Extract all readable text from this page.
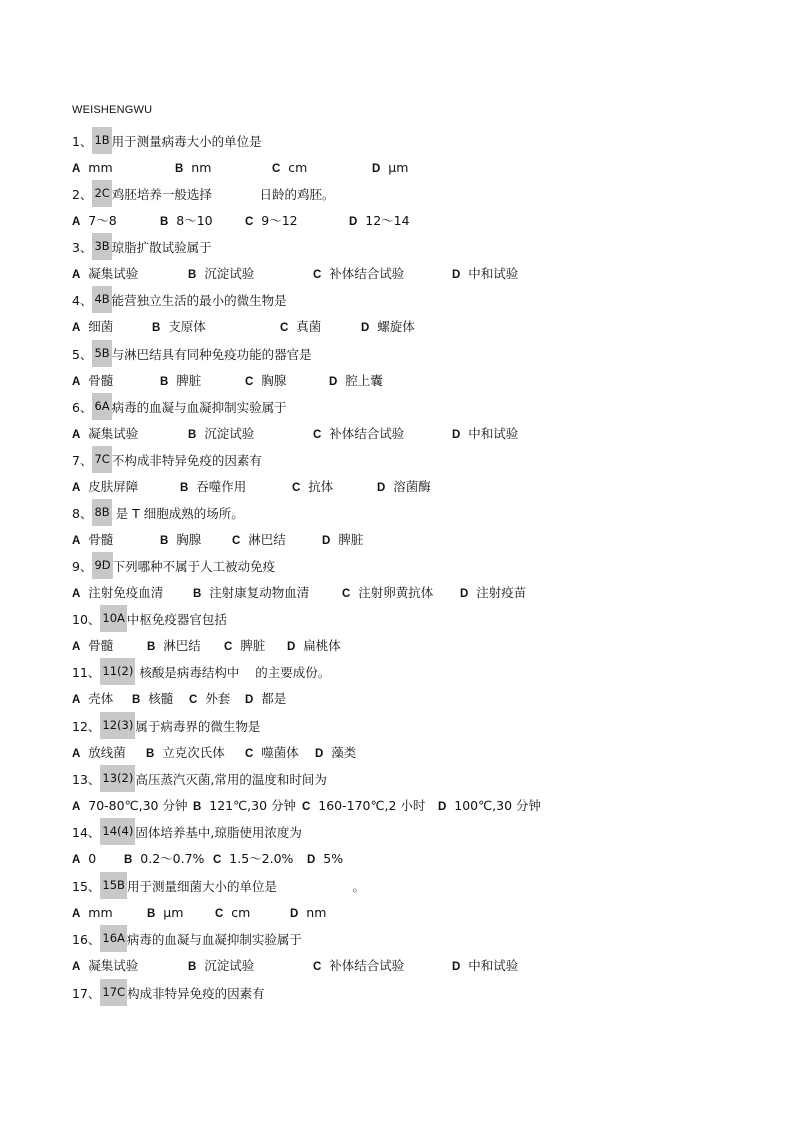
WEISHENGWU
1、 1B 用于测量病毒大小的单位是
A mm	B nm	C cm	D μm
2、 2C 鸡胚培养一般选择            日龄的鸡胚。
A 7～8	B 8～10	C 9～12	D 12～14
3、 3B 琼脂扩散试验属于
A 凝集试验	B 沉淀试验	C 补体结合试验	D 中和试验
4、 4B 能营独立生活的最小的微生物是
A 细菌	B 支原体	C 真菌	D 螺旋体
5、 5B 与淋巴结具有同种免疫功能的器官是
A 骨髓	B 脾脏	C 胸腺	D 腔上囊
6、 6A 病毒的血凝与血凝抑制实验属于
A 凝集试验	B 沉淀试验	C 补体结合试验	D 中和试验
7、 7C 不构成非特异免疫的因素有
A 皮肤屏障	B 吞噬作用	C 抗体	D 溶菌酶
8、 8B 是 T 细胞成熟的场所。
A 骨髓	B 胸腺	C 淋巴结	D 脾脏
9、 9D 下列哪种不属于人工被动免疫
A 注射免疫血清	B 注射康复动物血清	C 注射卵黄抗体 D 注射疫苗
10、 10A 中枢免疫器官包括
A 骨髓	B 淋巴结 C 脾脏 D 扁桃体
11、 11(2) 核酸是病毒结构中    的主要成份。
A 壳体 B 核髓 C 外套 D 都是
12、 12(3) 属于病毒界的微生物是
A 放线菌 B 立克次氏体 C 噬菌体 D 藻类
13、 13(2) 高压蒸汽灭菌,常用的温度和时间为
A 70-80℃,30 分钟 B 121℃,30 分钟 C 160-170℃,2 小时 D 100℃,30 分钟
14、 14(4) 固体培养基中,琼脂使用浓度为
A 0 B 0.2～0.7% C 1.5～2.0% D 5%
15、 15B 用于测量细菌大小的单位是                   。
A mm	B μm	C cm	D nm
16、 16A 病毒的血凝与血凝抑制实验属于
A 凝集试验	B 沉淀试验	C 补体结合试验	D 中和试验
17、 17C 构成非特异免疫的因素有
